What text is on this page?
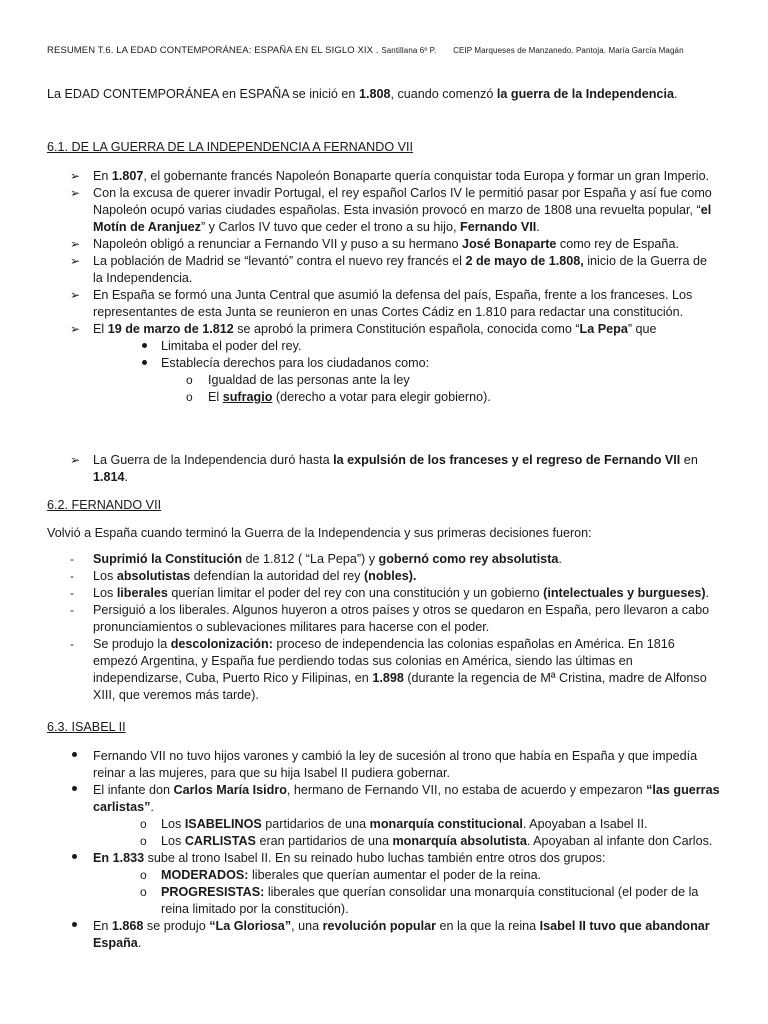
RESUMEN T.6. LA EDAD CONTEMPORÁNEA: ESPAÑA EN EL SIGLO XIX . Santillana 6º P. CEIP Marqueses de Manzanedo. Pantoja. María García Magán
La EDAD CONTEMPORÁNEA en ESPAÑA se inició en 1.808, cuando comenzó la guerra de la Independencia.
6.1. DE LA GUERRA DE LA INDEPENDENCIA A FERNANDO VII
➢ En 1.807, el gobernante francés Napoleón Bonaparte quería conquistar toda Europa y formar un gran Imperio.
➢ Con la excusa de querer invadir Portugal, el rey español Carlos IV le permitió pasar por España y así fue como Napoleón ocupó varias ciudades españolas. Esta invasión provocó en marzo de 1808 una revuelta popular, “el Motín de Aranjuez” y Carlos IV tuvo que ceder el trono a su hijo, Fernando VII.
➢ Napoleón obligó a renunciar a Fernando VII y puso a su hermano José Bonaparte como rey de España.
➢ La población de Madrid se “levantó” contra el nuevo rey francés el 2 de mayo de 1.808, inicio de la Guerra de la Independencia.
➢ En España se formó una Junta Central que asumió la defensa del país, España, frente a los franceses. Los representantes de esta Junta se reunieron en unas Cortes Cádiz en 1.810 para redactar una constitución.
➢ El 19 de marzo de 1.812 se aprobó la primera Constitución española, conocida como “La Pepa” que
Limitaba el poder del rey.
Establecía derechos para los ciudadanos como:
o Igualdad de las personas ante la ley
o El sufragio (derecho a votar para elegir gobierno).
➢ La Guerra de la Independencia duró hasta la expulsión de los franceses y el regreso de Fernando VII en 1.814.
6.2. FERNANDO VII
Volvió a España cuando terminó la Guerra de la Independencia y sus primeras decisiones fueron:
- Suprimió la Constitución de 1.812 ( “La Pepa”) y gobernó como rey absolutista.
- Los absolutistas defendían la autoridad del rey (nobles).
- Los liberales querían limitar el poder del rey con una constitución y un gobierno (intelectuales y burgueses).
- Persiguió a los liberales. Algunos huyeron a otros países y otros se quedaron en España, pero llevaron a cabo pronunciamientos o sublevaciones militares para hacerse con el poder.
- Se produjo la descolonización: proceso de independencia las colonias españolas en América. En 1816 empezó Argentina, y España fue perdiendo todas sus colonias en América, siendo las últimas en independizarse, Cuba, Puerto Rico y Filipinas, en 1.898 (durante la regencia de Mª Cristina, madre de Alfonso XIII, que veremos más tarde).
6.3. ISABEL II
Fernando VII no tuvo hijos varones y cambió la ley de sucesión al trono que había en España y que impedía reinar a las mujeres, para que su hija Isabel II pudiera gobernar.
El infante don Carlos María Isidro, hermano de Fernando VII, no estaba de acuerdo y empezaron “las guerras carlistas”.
o Los ISABELINOS partidarios de una monarquía constitucional. Apoyaban a Isabel II.
o Los CARLISTAS eran partidarios de una monarquía absolutista. Apoyaban al infante don Carlos.
En 1.833 sube al trono Isabel II. En su reinado hubo luchas también entre otros dos grupos:
o MODERADOS: liberales que querían aumentar el poder de la reina.
o PROGRESISTAS: liberales que querían consolidar una monarquía constitucional (el poder de la reina limitado por la constitución).
En 1.868 se produjo “La Gloriosa”, una revolución popular en la que la reina Isabel II tuvo que abandonar España.
